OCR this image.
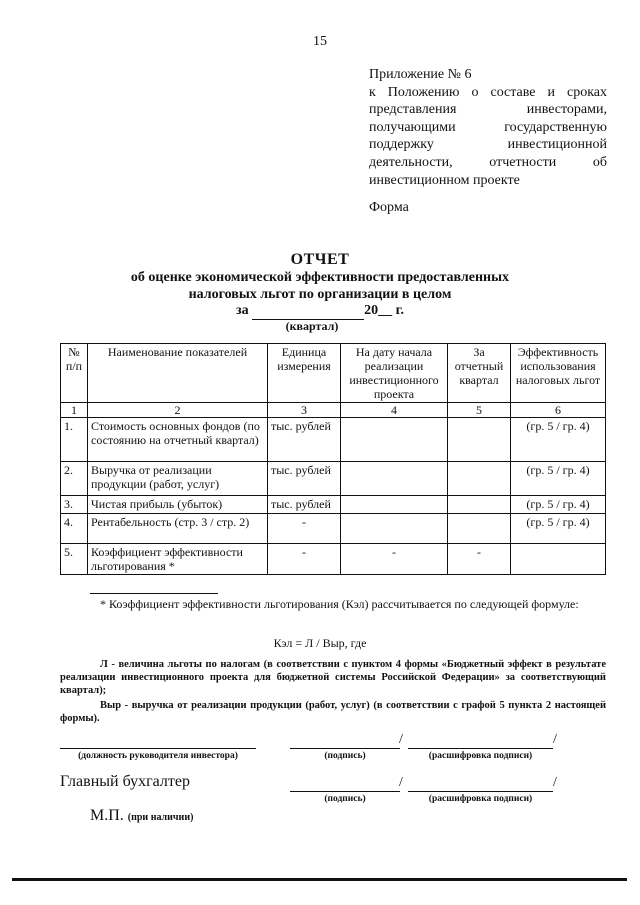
15
Приложение № 6
к Положению о составе и сроках представления инвесторами, получающими государственную поддержку инвестиционной деятельности, отчетности об инвестиционном проекте
Форма
ОТЧЕТ
об оценке экономической эффективности предоставленных
налоговых льгот по организации в целом
за	20__ г.
(квартал)
№ п/п	Наименование показателей	Единица измерения	На дату начала реализации инвестиционного проекта	За отчетный квартал	Эффективность использования налоговых льгот
1	2	3	4	5	6
1.	Стоимость основных фондов (по состоянию на отчетный квартал)	тыс. рублей			(гр. 5 / гр. 4)
2.	Выручка от реализации продукции (работ, услуг)	тыс. рублей			(гр. 5 / гр. 4)
3.	Чистая прибыль (убыток)	тыс. рублей			(гр. 5 / гр. 4)
4.	Рентабельность (стр. 3 / стр. 2)	-			(гр. 5 / гр. 4)
5.	Коэффициент эффективности льготирования *	-	-	-	
* Коэффициент эффективности льготирования (Кэл) рассчитывается по следующей формуле:
Кэл = Л / Выр, где
Л - величина льготы по налогам (в соответствии с пунктом 4 формы «Бюджетный эффект в результате реализации инвестиционного проекта для бюджетной системы Российской Федерации» за соответствующий квартал);
Выр - выручка от реализации продукции (работ, услуг) (в соответствии с графой 5 пункта 2 настоящей формы).
(должность руководителя инвестора)
/	/
(подпись)	(расшифровка подписи)
Главный бухгалтер	/	/
(подпись)	(расшифровка подписи)
М.П. (при наличии)
